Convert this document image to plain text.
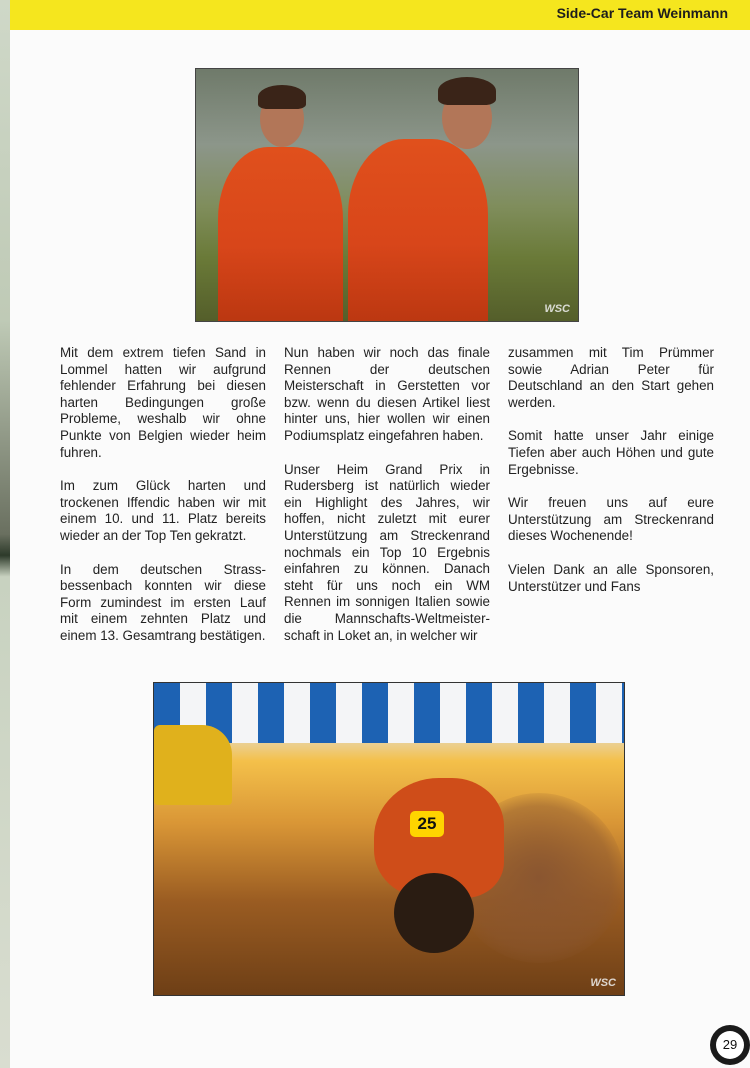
Side-Car Team Weinmann
WSC

Mit dem extrem tiefen Sand in Lommel hatten wir aufgrund fehlender Erfahrung bei diesen harten Bedingungen große Probleme, weshalb wir ohne Punkte von Belgien wieder heim fuhren.

Im zum Glück harten und trockenen Iffendic haben wir mit einem 10. und 11. Platz bereits wieder an der Top Ten gekratzt.

In dem deutschen Strass-bessenbach konnten wir diese Form zumindest im ersten Lauf mit einem zehnten Platz und einem 13. Gesamtrang bestätigen.

Nun haben wir noch das finale Rennen der deutschen Meisterschaft in Gerstetten vor bzw. wenn du diesen Artikel liest hinter uns, hier wollen wir einen Podiumsplatz eingefahren haben.

Unser Heim Grand Prix in Rudersberg ist natürlich wieder ein Highlight des Jahres, wir hoffen, nicht zuletzt mit eurer Unterstützung am Streckenrand nochmals ein Top 10 Ergebnis einfahren zu können. Danach steht für uns noch ein WM Rennen im sonnigen Italien sowie die Mannschafts-Weltmeister-schaft in Loket an, in welcher wir

zusammen mit Tim Prümmer sowie Adrian Peter für Deutschland an den Start gehen werden.

Somit hatte unser Jahr einige Tiefen aber auch Höhen und gute Ergebnisse.

Wir freuen uns auf eure Unterstützung am Streckenrand dieses Wochenende!

Vielen Dank an alle Sponsoren, Unterstützer und Fans

25
WSC
29
